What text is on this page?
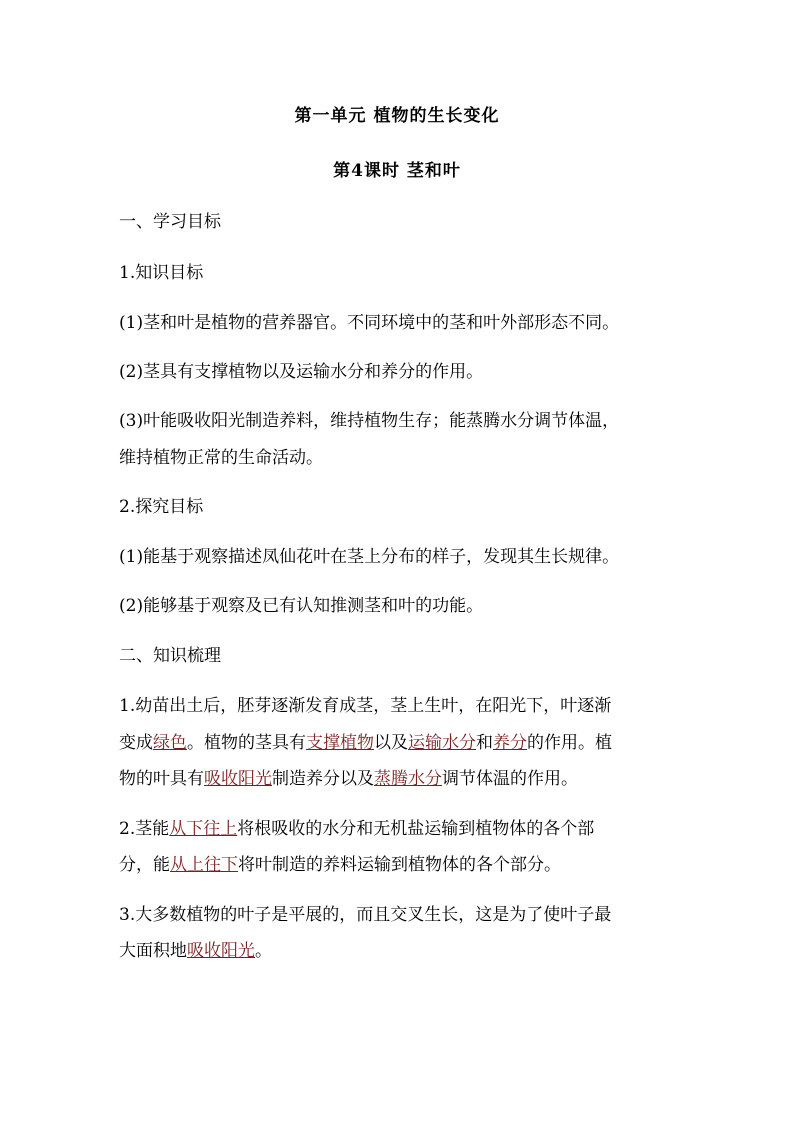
第一单元 植物的生长变化
第4课时 茎和叶
一、学习目标
1.知识目标
(1)茎和叶是植物的营养器官。不同环境中的茎和叶外部形态不同。
(2)茎具有支撑植物以及运输水分和养分的作用。
(3)叶能吸收阳光制造养料，维持植物生存；能蒸腾水分调节体温，
维持植物正常的生命活动。
2.探究目标
(1)能基于观察描述凤仙花叶在茎上分布的样子，发现其生长规律。
(2)能够基于观察及已有认知推测茎和叶的功能。
二、知识梳理
1.幼苗出土后，胚芽逐渐发育成茎，茎上生叶，在阳光下，叶逐渐
变成绿色。植物的茎具有支撑植物以及运输水分和养分的作用。植
物的叶具有吸收阳光制造养分以及蒸腾水分调节体温的作用。
2.茎能从下往上将根吸收的水分和无机盐运输到植物体的各个部
分，能从上往下将叶制造的养料运输到植物体的各个部分。
3.大多数植物的叶子是平展的，而且交叉生长，这是为了使叶子最
大面积地吸收阳光。
